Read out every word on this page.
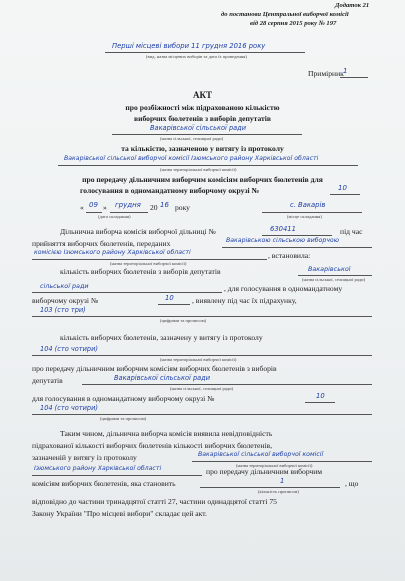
Додаток 21
до постанови Центральної виборчої комісії
від 28 серпня 2015 року № 197
Перші місцеві вибори 11 грудня 2016 року
(вид, назва місцевих виборів та дата їх проведення)
Примірник 1
АКТ
про розбіжності між підрахованою кількістю
виборчих бюлетенів з виборів депутатів
Вакарівської сільської ради
(назва сільської, селищної ради)
та кількістю, зазначеною у витягу із протоколу
Вакарівської сільської виборчої комісії Ізюмського району Харківської області
(назва територіальної виборчої комісії)
про передачу дільничним виборчим комісіям виборчих бюлетенів для
голосування в одномандатному виборчому окрузі №	10
« 09 » грудня 20 16 року
(дата складання)
с. Вакарів
(місце складання)
Дільнична виборча комісія виборчої дільниці №	630411	під час
прийняття виборчих бюлетенів, переданих	Вакарівською сільською виборчою
комісією Ізюмського району Харківської області	, встановила:
(назва територіальної виборчої комісії)
кількість виборчих бюлетенів з виборів депутатів	Вакарівської
(назва сільської, селищної ради)
сільської ради	, для голосування в одномандатному
виборчому окрузі №	10 , виявлену під час їх підрахунку,
103 (сто три)
(цифрами та прописом)
кількість виборчих бюлетенів, зазначену у витягу із протоколу
104 (сто чотири)
(назва територіальної виборчої комісії)
про передачу дільничним виборчим комісіям виборчих бюлетенів з виборів
депутатів	Вакарівської сільської ради
(назва сільської, селищної ради)
для голосування в одномандатному виборчому окрузі №	10
104 (сто чотири)
(цифрами та прописом)
Таким чином, дільнична виборча комісія виявила невідповідність
підрахованої кількості виборчих бюлетенів кількості виборчих бюлетенів,
зазначеній у витягу із протоколу	Вакарівської сільської виборчої комісії
(назва територіальної виборчої комісії)
Ізюмського району Харківської області	про передачу дільничним виборчим
комісіям виборчих бюлетенів, яка становить	1	, що
(кількість прописом)
відповідно до частини тринадцятої статті 27, частини одинадцятої статті 75
Закону України "Про місцеві вибори" складає цей акт.
